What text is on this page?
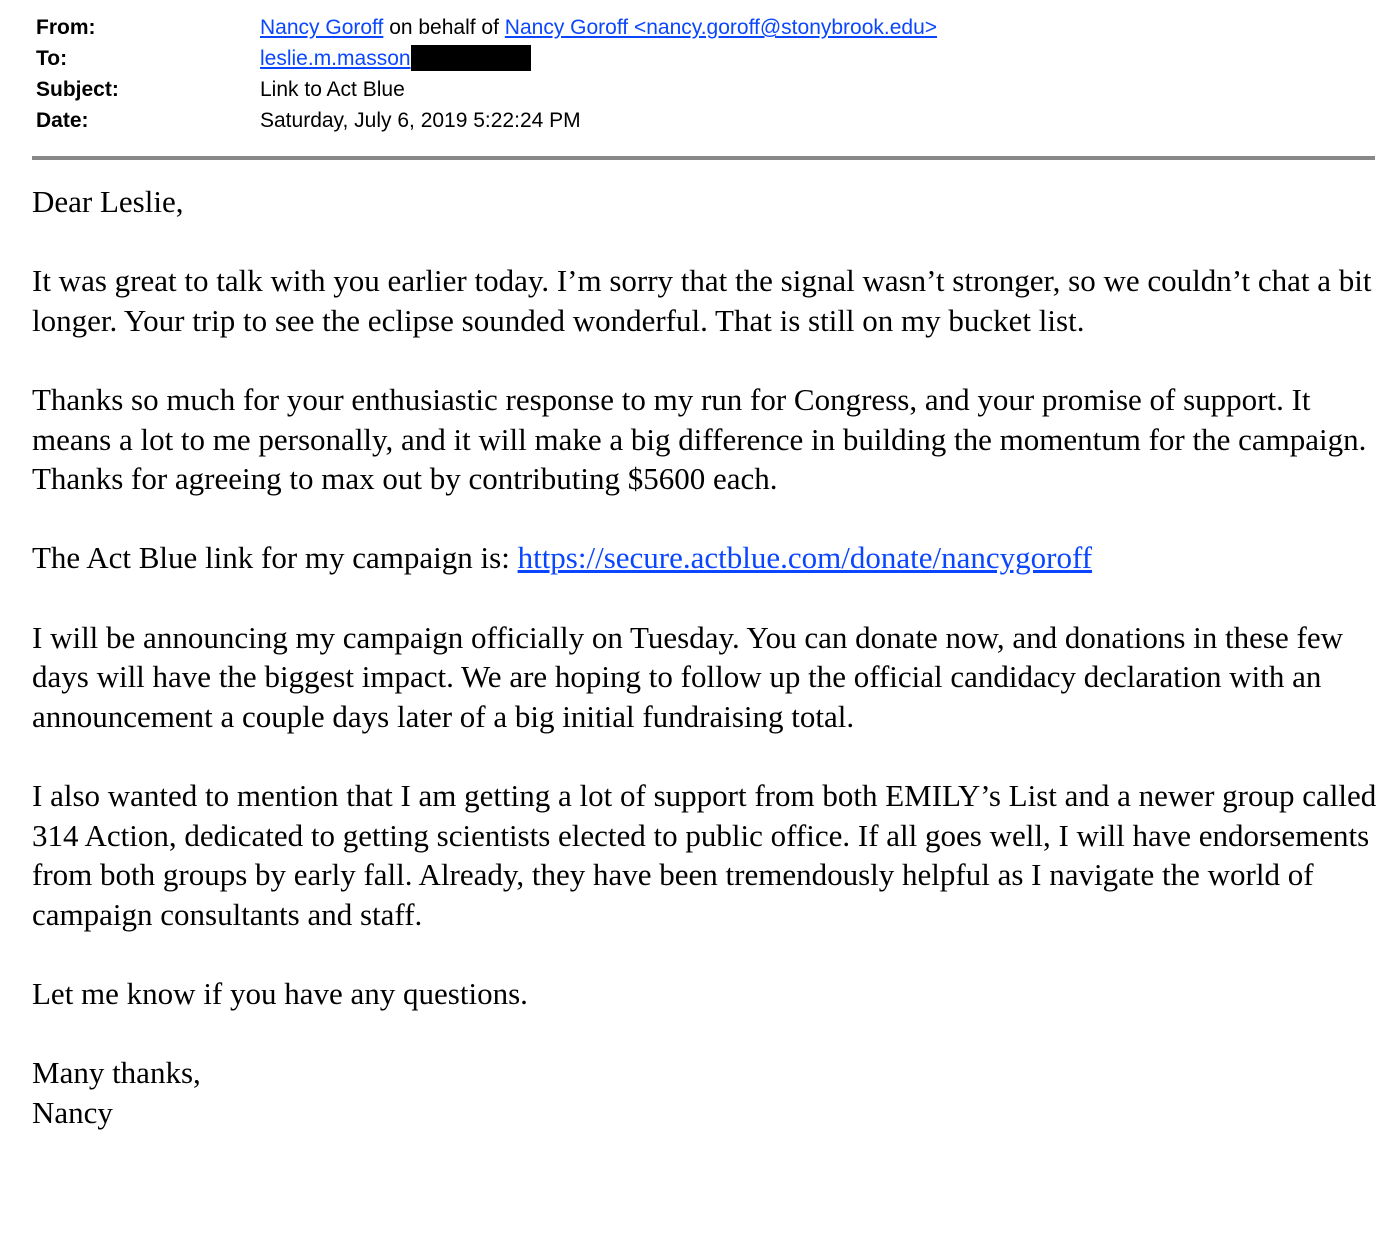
From:	Nancy Goroff on behalf of Nancy Goroff <nancy.goroff@stonybrook.edu>
To:	leslie.m.masson
Subject:	Link to Act Blue
Date:	Saturday, July 6, 2019 5:22:24 PM

Dear Leslie,

It was great to talk with you earlier today. I’m sorry that the signal wasn’t stronger, so we couldn’t chat a bit longer. Your trip to see the eclipse sounded wonderful. That is still on my bucket list.

Thanks so much for your enthusiastic response to my run for Congress, and your promise of support. It means a lot to me personally, and it will make a big difference in building the momentum for the campaign. Thanks for agreeing to max out by contributing $5600 each.

The Act Blue link for my campaign is: https://secure.actblue.com/donate/nancygoroff

I will be announcing my campaign officially on Tuesday. You can donate now, and donations in these few days will have the biggest impact. We are hoping to follow up the official candidacy declaration with an announcement a couple days later of a big initial fundraising total.

I also wanted to mention that I am getting a lot of support from both EMILY’s List and a newer group called 314 Action, dedicated to getting scientists elected to public office. If all goes well, I will have endorsements from both groups by early fall. Already, they have been tremendously helpful as I navigate the world of campaign consultants and staff.

Let me know if you have any questions.

Many thanks,

Nancy
